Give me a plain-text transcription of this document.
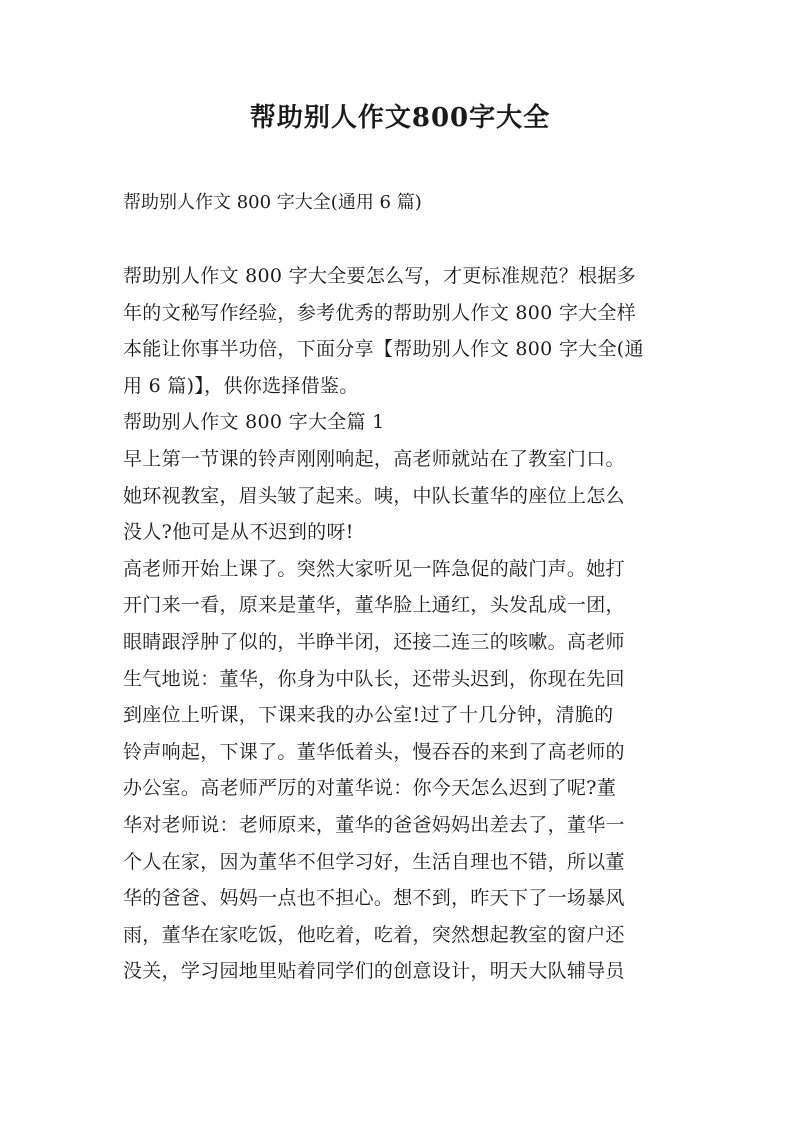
帮助别人作文800字大全

帮助别人作文 800 字大全(通用 6 篇)

帮助别人作文 800 字大全要怎么写，才更标准规范？根据多
年的文秘写作经验，参考优秀的帮助别人作文 800 字大全样
本能让你事半功倍，下面分享【帮助别人作文 800 字大全(通
用 6 篇)】，供你选择借鉴。
帮助别人作文 800 字大全篇 1
早上第一节课的铃声刚刚响起，高老师就站在了教室门口。
她环视教室，眉头皱了起来。咦，中队长董华的座位上怎么
没人?他可是从不迟到的呀!
高老师开始上课了。突然大家听见一阵急促的敲门声。她打
开门来一看，原来是董华，董华脸上通红，头发乱成一团，
眼睛跟浮肿了似的，半睁半闭，还接二连三的咳嗽。高老师
生气地说：董华，你身为中队长，还带头迟到，你现在先回
到座位上听课，下课来我的办公室!过了十几分钟，清脆的
铃声响起，下课了。董华低着头，慢吞吞的来到了高老师的
办公室。高老师严厉的对董华说：你今天怎么迟到了呢?董
华对老师说：老师原来，董华的爸爸妈妈出差去了，董华一
个人在家，因为董华不但学习好，生活自理也不错，所以董
华的爸爸、妈妈一点也不担心。想不到，昨天下了一场暴风
雨，董华在家吃饭，他吃着，吃着，突然想起教室的窗户还
没关，学习园地里贴着同学们的创意设计，明天大队辅导员
